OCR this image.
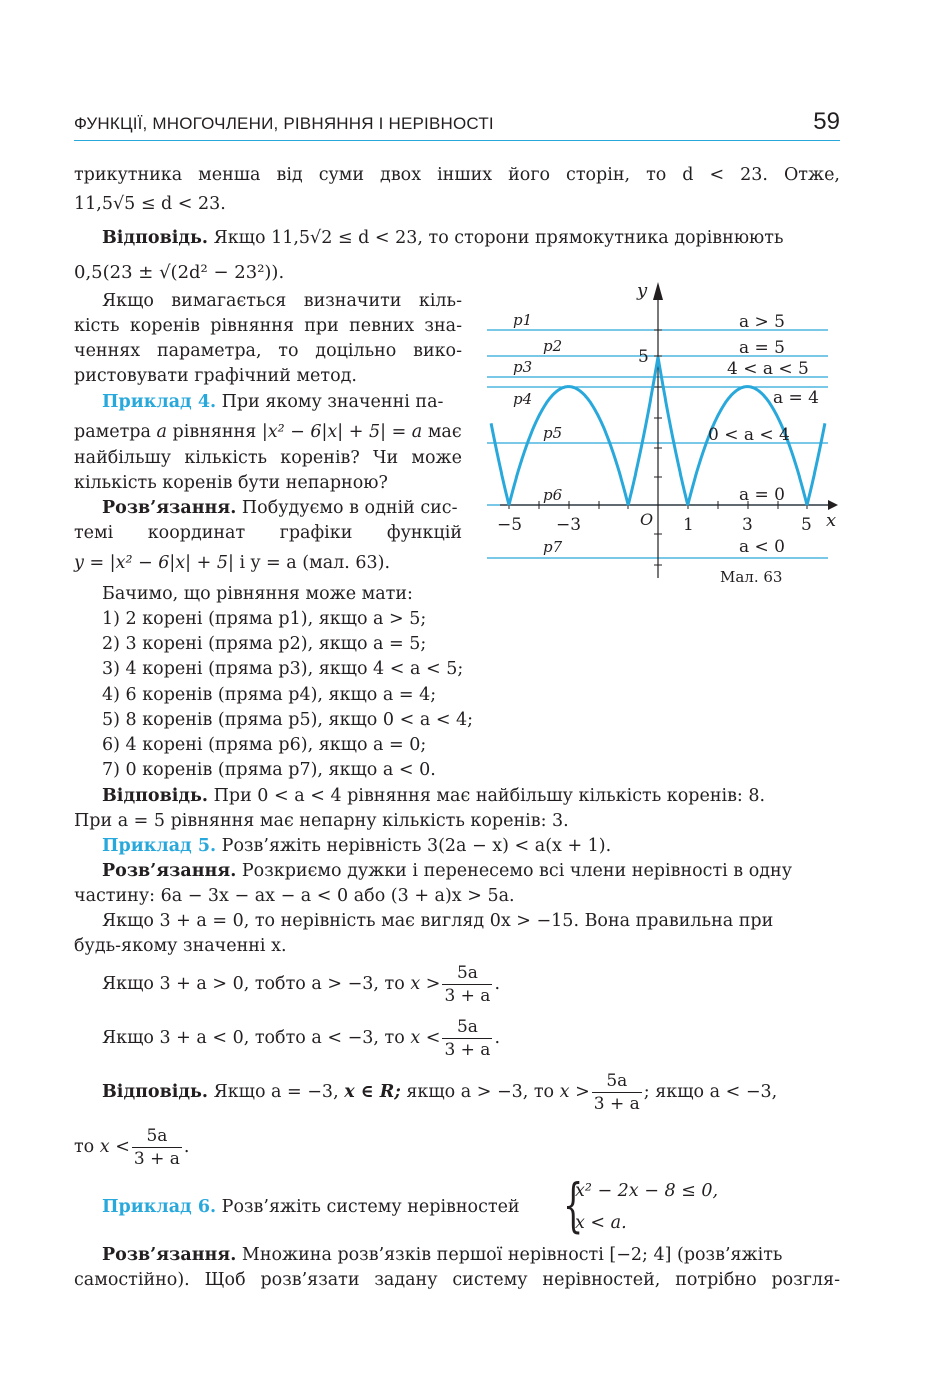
ФУНКЦІЇ, МНОГОЧЛЕНИ, РІВНЯННЯ І НЕРІВНОСТІ	59
трикутника менша від суми двох інших його сторін, то d < 23. Отже,
11,5√5 ≤ d < 23.
Відповідь. Якщо 11,5√2 ≤ d < 23, то сторони прямокутника дорівнюють
0,5(23 ± √(2d² − 23²)).
Якщо вимагається визначити кіль-
кість коренів рівняння при певних зна-
ченнях параметра, то доцільно вико-
ристовувати графічний метод.
Приклад 4. При якому значенні па-
раметра a рівняння |x² − 6|x| + 5| = a має
найбільшу кількість коренів? Чи може
кількість коренів бути непарною?
Розв’язання. Побудуємо в одній сис-
темі координат графіки функцій
y = |x² − 6|x| + 5| і y = a (мал. 63).
y
x
O
5
−5 −3	1	3	5
p1
p2
p3
p4
p5
p6
p7
a > 5
a = 5
4 < a < 5
a = 4
0 < a < 4
a = 0
a < 0
Мал. 63
Бачимо, що рівняння може мати:
1) 2 корені (пряма p1), якщо a > 5;
2) 3 корені (пряма p2), якщо a = 5;
3) 4 корені (пряма p3), якщо 4 < a < 5;
4) 6 коренів (пряма p4), якщо a = 4;
5) 8 коренів (пряма p5), якщо 0 < a < 4;
6) 4 корені (пряма p6), якщо a = 0;
7) 0 коренів (пряма p7), якщо a < 0.
Відповідь. При 0 < a < 4 рівняння має найбільшу кількість коренів: 8.
При a = 5 рівняння має непарну кількість коренів: 3.
Приклад 5. Розв’яжіть нерівність 3(2a − x) < a(x + 1).
Розв’язання. Розкриємо дужки і перенесемо всі члени нерівності в одну
частину: 6a − 3x − ax − a < 0 або (3 + a)x > 5a.
Якщо 3 + a = 0, то нерівність має вигляд 0x > −15. Вона правильна при
будь-якому значенні x.
Якщо 3 + a > 0, тобто a > −3, то $x > \frac{5a}{3 + a}$ .
Якщо 3 + a < 0, тобто a < −3, то $x < \frac{5a}{3 + a}$ .
Відповідь. Якщо a = −3, x ∈ R; якщо a > −3, то $x > \frac{5a}{3 + a}$ ; якщо a < −3,
то $x < \frac{5a}{3 + a}$ .
Приклад 6. Розв’яжіть систему нерівностей {
x² − 2x − 8 ≤ 0,
x < a.
Розв’язання. Множина розв’язків першої нерівності [−2; 4] (розв’яжіть
самостійно). Щоб розв’язати задану систему нерівностей, потрібно розгля-
